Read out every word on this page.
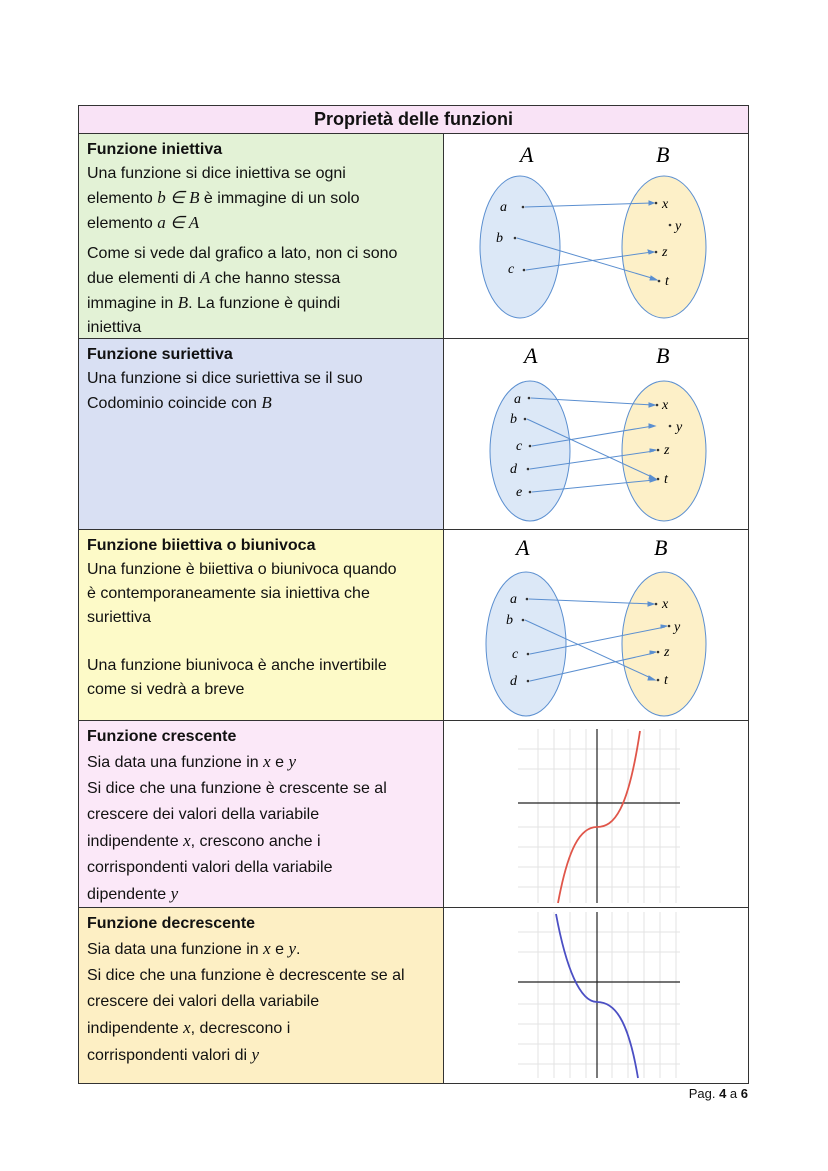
Proprietà delle funzioni
Funzione iniettiva

Una funzione si dice iniettiva se ogni
elemento b ∈ B è immagine di un solo
elemento a ∈ A

Come si vede dal grafico a lato, non ci sono
due elementi di A che hanno stessa
immagine in B. La funzione è quindi
iniettiva

A	B
a
b
c
x
y
z
t
Funzione suriettiva

Una funzione si dice suriettiva se il suo
Codominio coincide con B

A	B
a
b
c
d
e
x
y
z
t
Funzione biiettiva o biunivoca

Una funzione è biiettiva o biunivoca quando
è contemporaneamente sia iniettiva che
suriettiva

Una funzione biunivoca è anche invertibile
come si vedrà a breve

A	B
a
b
c
d
x
y
z
t
Funzione crescente

Sia data una funzione in x e y

Si dice che una funzione è crescente se al
crescere dei valori della variabile
indipendente x, crescono anche i
corrispondenti valori della variabile
dipendente y

Funzione decrescente

Sia data una funzione in x e y.

Si dice che una funzione è decrescente se al
crescere dei valori della variabile
indipendente x, decrescono i
corrispondenti valori di y

Pag. 4 a 6
